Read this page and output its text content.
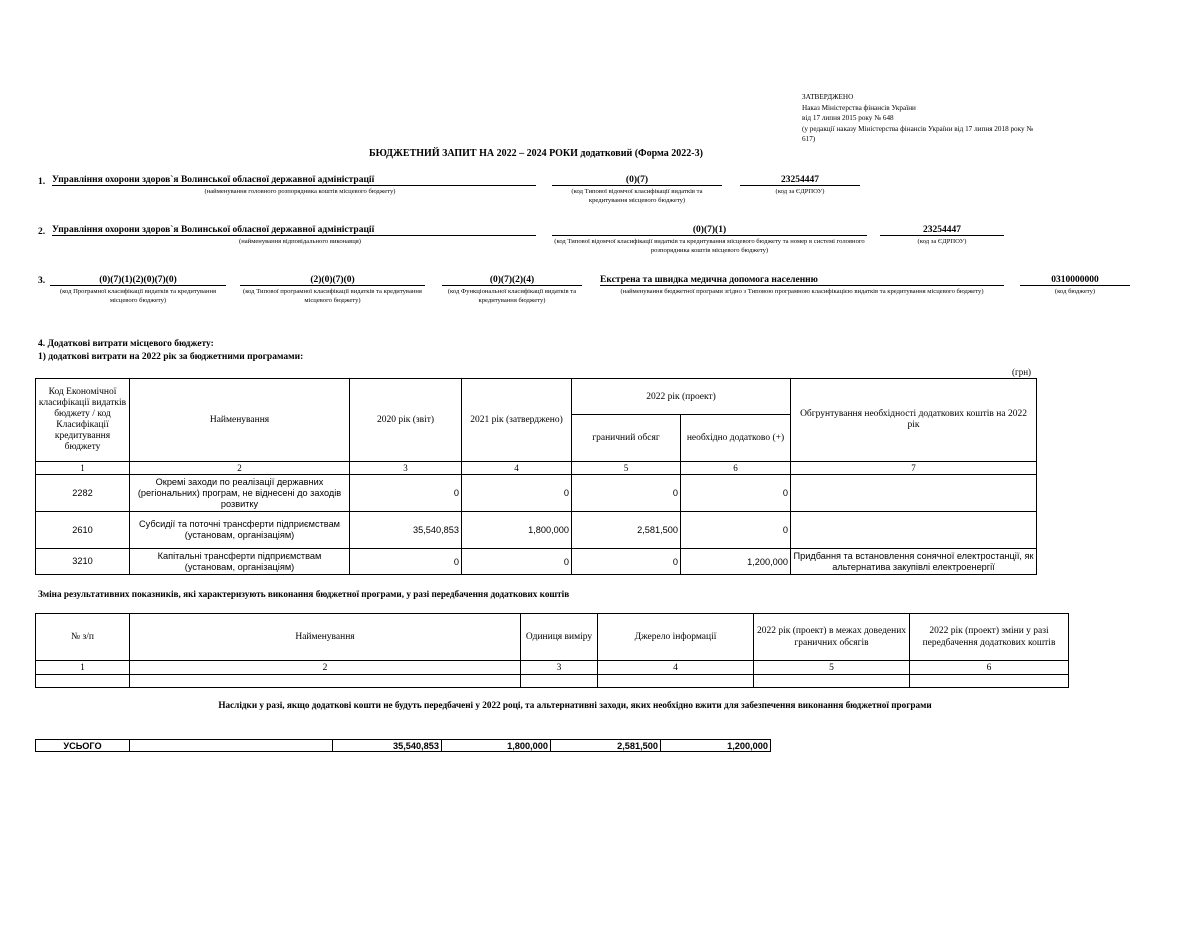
ЗАТВЕРДЖЕНО
Наказ Міністерства фінансів України
від 17 липня 2015 року № 648
(у редакції наказу Міністерства фінансів України від 17 липня 2018 року № 617)
БЮДЖЕТНИЙ ЗАПИТ НА 2022 – 2024 РОКИ додатковий (Форма 2022-3)
1. Управління охорони здоров`я Волинської обласної державної адміністрації
(найменування головного розпорядника коштів місцевого бюджету)
(0)(7)
(код Типової відомчої класифікації видатків та кредитування місцевого бюджету)
23254447
(код за ЄДРПОУ)
2. Управління охорони здоров`я Волинської обласної державної адміністрації
(найменування відповідального виконавця)
(0)(7)(1)
(код Типової відомчої класифікації видатків та кредитування місцевого бюджету та номер в системі головного розпорядника коштів місцевого бюджету)
23254447
(код за ЄДРПОУ)
3.	(0)(7)(1)(2)(0)(7)(0)
(код Програмної класифікації видатків та кредитування місцевого бюджету)
(2)(0)(7)(0)
(код Типової програмної класифікації видатків та кредитування місцевого бюджету)
(0)(7)(2)(4)
(код Функціональної класифікації видатків та кредитування бюджету)
Екстрена та швидка медична допомога населенню
(найменування бюджетної програми згідно з Типовою програмною класифікацією видатків та кредитування місцевого бюджету)
0310000000
(код бюджету)
4. Додаткові витрати місцевого бюджету:
1) додаткові витрати на 2022 рік за бюджетними програмами:
(грн)
Код Економічної класифікації видатків бюджету / код Класифікації кредитування бюджету	Найменування	2020 рік (звіт)	2021 рік (затверджено)	2022 рік (проект)		Обгрунтування необхідності додаткових коштів на 2022 рік
				граничний обсяг	необхідно додатково (+)	
1	2	3	4	5	6	7
2282	Окремі заходи по реалізації державних (регіональних) програм, не віднесені до заходів розвитку	0	0	0	0	
2610	Субсидії та поточні трансферти підприємствам (установам, організаціям)	35,540,853	1,800,000	2,581,500	0	
3210	Капітальні трансферти підприємствам (установам, організаціям)	0	0	0	1,200,000	Придбання та встановлення сонячної електростанції, як альтернатива закупівлі електроенергії
Зміна результативних показників, які характеризують виконання бюджетної програми, у разі передбачення додаткових коштів
№ з/п	Найменування	Одиниця виміру	Джерело інформації	2022 рік (проект) в межах доведених граничних обсягів	2022 рік (проект) зміни у разі передбачення додаткових коштів
1	2	3	4	5	6

Наслідки у разі, якщо додаткові кошти не будуть передбачені у 2022 році, та альтернативні заходи, яких необхідно вжити для забезпечення виконання бюджетної програми
УСЬОГО		35,540,853	1,800,000	2,581,500	1,200,000
